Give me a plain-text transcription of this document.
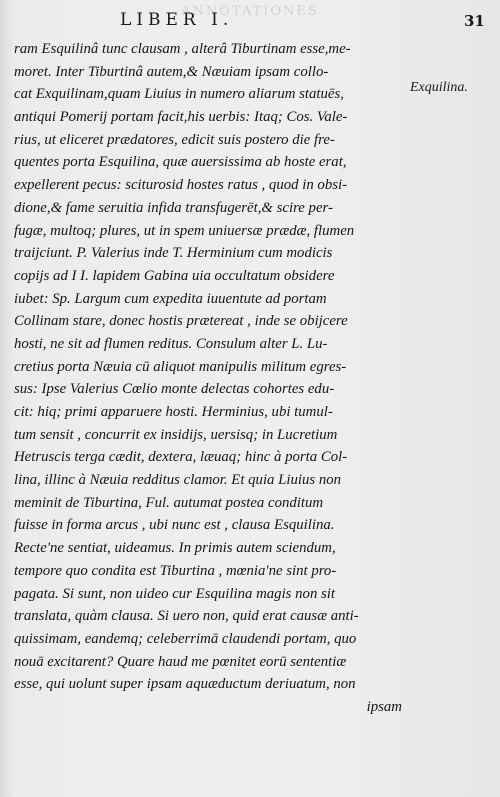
ANNOTATIONES
LIBER I.	31
ram Esquilinâ tunc clausam , alterâ Tiburtinam esse,me-
moret. Inter Tiburtinâ autem,& Næuiam ipsam collo-
cat Exquilinam,quam Liuius in numero aliarum statuēs,
antiqui Pomerij portam facit,his uerbis: Itaq; Cos. Vale-
rius, ut eliceret prædatores, edicit suis postero die fre-
quentes porta Esquilina, quæ auersissima ab hoste erat,
expellerent pecus: sciturosid hostes ratus , quod in obsi-
dione,& fame seruitia infida transfugerēt,& scire per-
fugæ, multoq; plures, ut in spem uniuersæ prædæ, flumen
traijciunt. P. Valerius inde T. Herminium cum modicis
copijs ad I I. lapidem Gabina uia occultatum obsidere
iubet: Sp. Largum cum expedita iuuentute ad portam
Collinam stare, donec hostis prætereat , inde se obijcere
hosti, ne sit ad flumen reditus. Consulum alter L. Lu-
cretius porta Næuia cū aliquot manipulis militum egres-
sus: Ipse Valerius Cœlio monte delectas cohortes edu-
cit: hiq; primi apparuere hosti. Herminius, ubi tumul-
tum sensit , concurrit ex insidijs, uersisq; in Lucretium
Hetruscis terga cædit, dextera, læuaq; hinc à porta Col-
lina, illinc à Næuia redditus clamor. Et quia Liuius non
meminit de Tiburtina, Ful. autumat postea conditum
fuisse in forma arcus , ubi nunc est , clausa Esquilina.
Recte'ne sentiat, uideamus. In primis autem sciendum,
tempore quo condita est Tiburtina , mœnia'ne sint pro-
pagata. Si sunt, non uideo cur Esquilina magis non sit
translata, quàm clausa. Si uero non, quid erat causæ anti-
quissimam, eandemq; celeberrimā claudendi portam, quo
nouā excitarent? Quare haud me pœnitet eorū sententiæ
esse, qui uolunt super ipsam aquæductum deriuatum, non
ipsam
Exquilina.
